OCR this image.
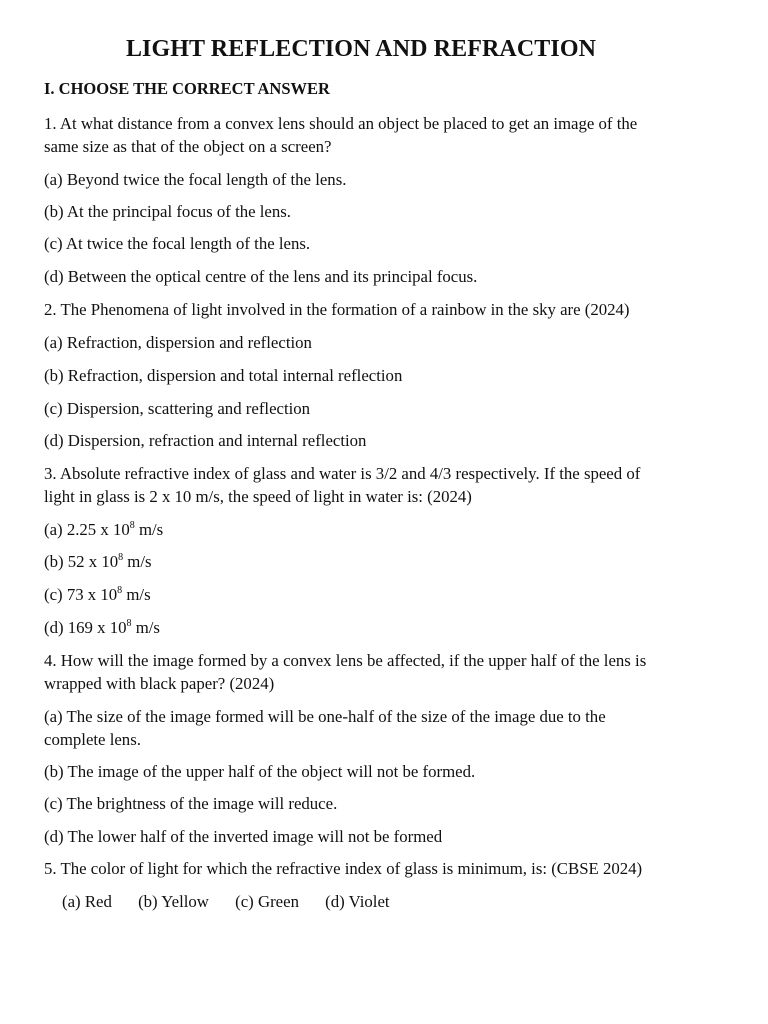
LIGHT REFLECTION AND REFRACTION
I. CHOOSE THE CORRECT ANSWER
1. At what distance from a convex lens should an object be placed to get an image of the
same size as that of the object on a screen?
(a) Beyond twice the focal length of the lens.
(b) At the principal focus of the lens.
(c) At twice the focal length of the lens.
(d) Between the optical centre of the lens and its principal focus.
2. The Phenomena of light involved in the formation of a rainbow in the sky are (2024)
(a) Refraction, dispersion and reflection
(b) Refraction, dispersion and total internal reflection
(c) Dispersion, scattering and reflection
(d) Dispersion, refraction and internal reflection
3. Absolute refractive index of glass and water is 3/2 and 4/3 respectively. If the speed of
light in glass is 2 x 10 m/s, the speed of light in water is: (2024)
(a) 2.25 x $10^8$ m/s
(b) 52 x $10^8$ m/s
(c) 73 x $10^8$ m/s
(d) 169 x $10^8$ m/s
4. How will the image formed by a convex lens be affected, if the upper half of the lens is
wrapped with black paper? (2024)
(a) The size of the image formed will be one-half of the size of the image due to the
complete lens.
(b) The image of the upper half of the object will not be formed.
(c) The brightness of the image will reduce.
(d) The lower half of the inverted image will not be formed
5. The color of light for which the refractive index of glass is minimum, is: (CBSE 2024)
(a) Red (b) Yellow (c) Green (d) Violet
